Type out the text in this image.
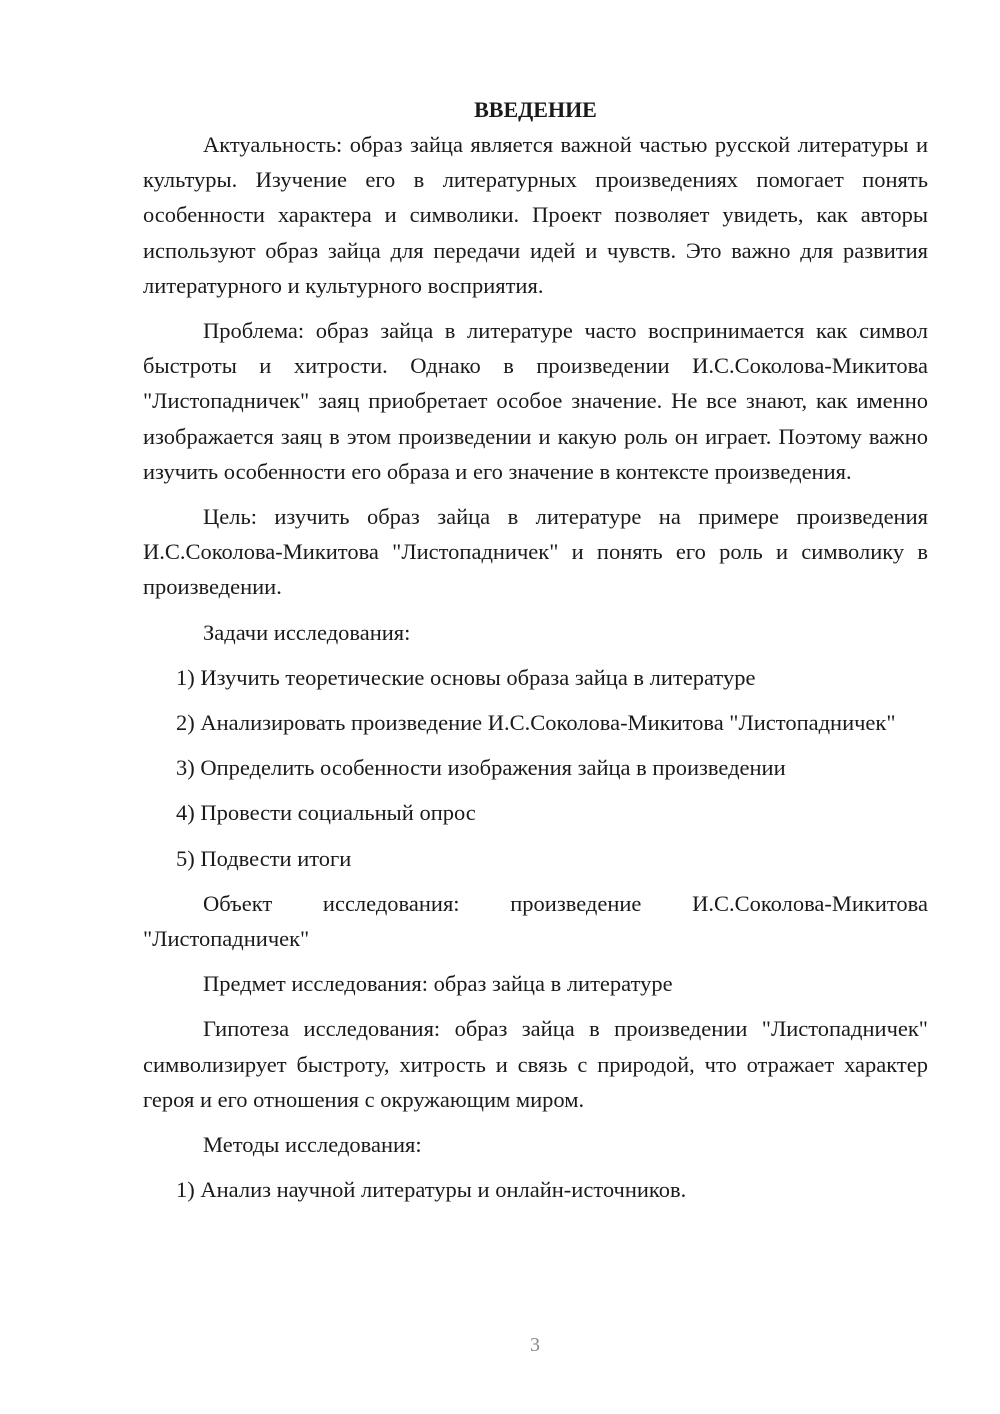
ВВЕДЕНИЕ
Актуальность: образ зайца является важной частью русской литературы и культуры. Изучение его в литературных произведениях помогает понять особенности характера и символики. Проект позволяет увидеть, как авторы используют образ зайца для передачи идей и чувств. Это важно для развития литературного и культурного восприятия.
Проблема: образ зайца в литературе часто воспринимается как символ быстроты и хитрости. Однако в произведении И.С.Соколова-Микитова "Листопадничек" заяц приобретает особое значение. Не все знают, как именно изображается заяц в этом произведении и какую роль он играет. Поэтому важно изучить особенности его образа и его значение в контексте произведения.
Цель: изучить образ зайца в литературе на примере произведения И.С.Соколова-Микитова "Листопадничек" и понять его роль и символику в произведении.
Задачи исследования:
1) Изучить теоретические основы образа зайца в литературе
2) Анализировать произведение И.С.Соколова-Микитова "Листопадничек"
3) Определить особенности изображения зайца в произведении
4) Провести социальный опрос
5) Подвести итоги
Объект исследования: произведение И.С.Соколова-Микитова "Листопадничек"
Предмет исследования: образ зайца в литературе
Гипотеза исследования: образ зайца в произведении "Листопадничек" символизирует быстроту, хитрость и связь с природой, что отражает характер героя и его отношения с окружающим миром.
Методы исследования:
1) Анализ научной литературы и онлайн-источников.
3
